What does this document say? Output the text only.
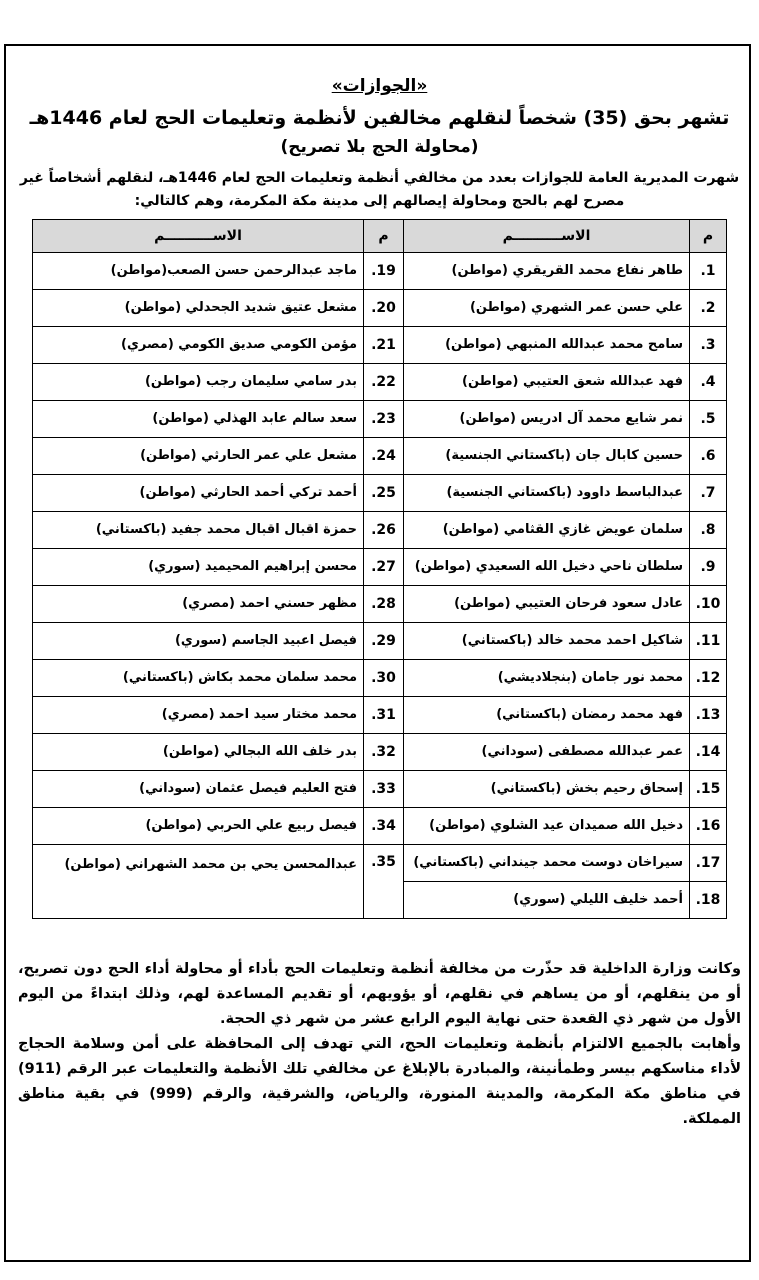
«الجوازات»
تشهر بحق (35) شخصاً لنقلهم مخالفين لأنظمة وتعليمات الحج لعام 1446هـ
(محاولة الحج بلا تصريح)
شهرت المديرية العامة للجوازات بعدد من مخالفي أنظمة وتعليمات الحج لعام 1446هـ، لنقلهم أشخاصاً غير مصرح لهم بالحج ومحاولة إيصالهم إلى مدينة مكة المكرمة، وهم كالتالي:
م	الاســــــــــم	م	الاســــــــــم
1.	طاهر نفاع محمد القريقري (مواطن)	19.	ماجد عبدالرحمن حسن الصعب(مواطن)
2.	علي حسن عمر الشهري (مواطن)	20.	مشعل عتيق شديد الجحدلي (مواطن)
3.	سامح محمد عبدالله المنبهي (مواطن)	21.	مؤمن الكومي صديق الكومي (مصري)
4.	فهد عبدالله شعق العتيبي (مواطن)	22.	بدر سامي سليمان رجب (مواطن)
5.	نمر شايع محمد آل ادريس (مواطن)	23.	سعد سالم عابد الهذلي (مواطن)
6.	حسين كابال جان (باكستاني الجنسية)	24.	مشعل علي عمر الحارثي (مواطن)
7.	عبدالباسط داوود (باكستاني الجنسية)	25.	أحمد تركي أحمد الحارثي (مواطن)
8.	سلمان عويض غازي القثامي (مواطن)	26.	حمزة اقبال اقبال محمد جفيد (باكستاني)
9.	سلطان ناحي دخيل الله السعيدي (مواطن)	27.	محسن إبراهيم المحيميد (سوري)
10.	عادل سعود فرحان العتيبي (مواطن)	28.	مظهر حسني احمد (مصري)
11.	شاكيل احمد محمد خالد (باكستاني)	29.	فيصل اعبيد الجاسم (سوري)
12.	محمد نور جامان (بنجلاديشي)	30.	محمد سلمان محمد بكاش (باكستاني)
13.	فهد محمد رمضان (باكستاني)	31.	محمد مختار سيد احمد (مصري)
14.	عمر عبدالله مصطفى (سوداني)	32.	بدر خلف الله البجالي (مواطن)
15.	إسحاق رحيم بخش (باكستاني)	33.	فتح العليم فيصل عثمان (سوداني)
16.	دخيل الله صميدان عيد الشلوي (مواطن)	34.	فيصل ربيع علي الحربي (مواطن)
17.	سيراخان دوست محمد جينداني (باكستاني)	35.	عبدالمحسن يحي بن محمد الشهراني (مواطن)
18.	أحمد خليف الليلي (سوري)		

وكانت وزارة الداخلية قد حذّرت من مخالفة أنظمة وتعليمات الحج بأداء أو محاولة أداء الحج دون تصريح، أو من ينقلهم، أو من يساهم في نقلهم، أو يؤويهم، أو تقديم المساعدة لهم، وذلك ابتداءً من اليوم الأول من شهر ذي القعدة حتى نهاية اليوم الرابع عشر من شهر ذي الحجة.

وأهابت بالجميع الالتزام بأنظمة وتعليمات الحج، التي تهدف إلى المحافظة على أمن وسلامة الحجاج لأداء مناسكهم بيسر وطمأنينة، والمبادرة بالإبلاغ عن مخالفي تلك الأنظمة والتعليمات عبر الرقم (911) في مناطق مكة المكرمة، والمدينة المنورة، والرياض، والشرقية، والرقم (999) في بقية مناطق المملكة.
